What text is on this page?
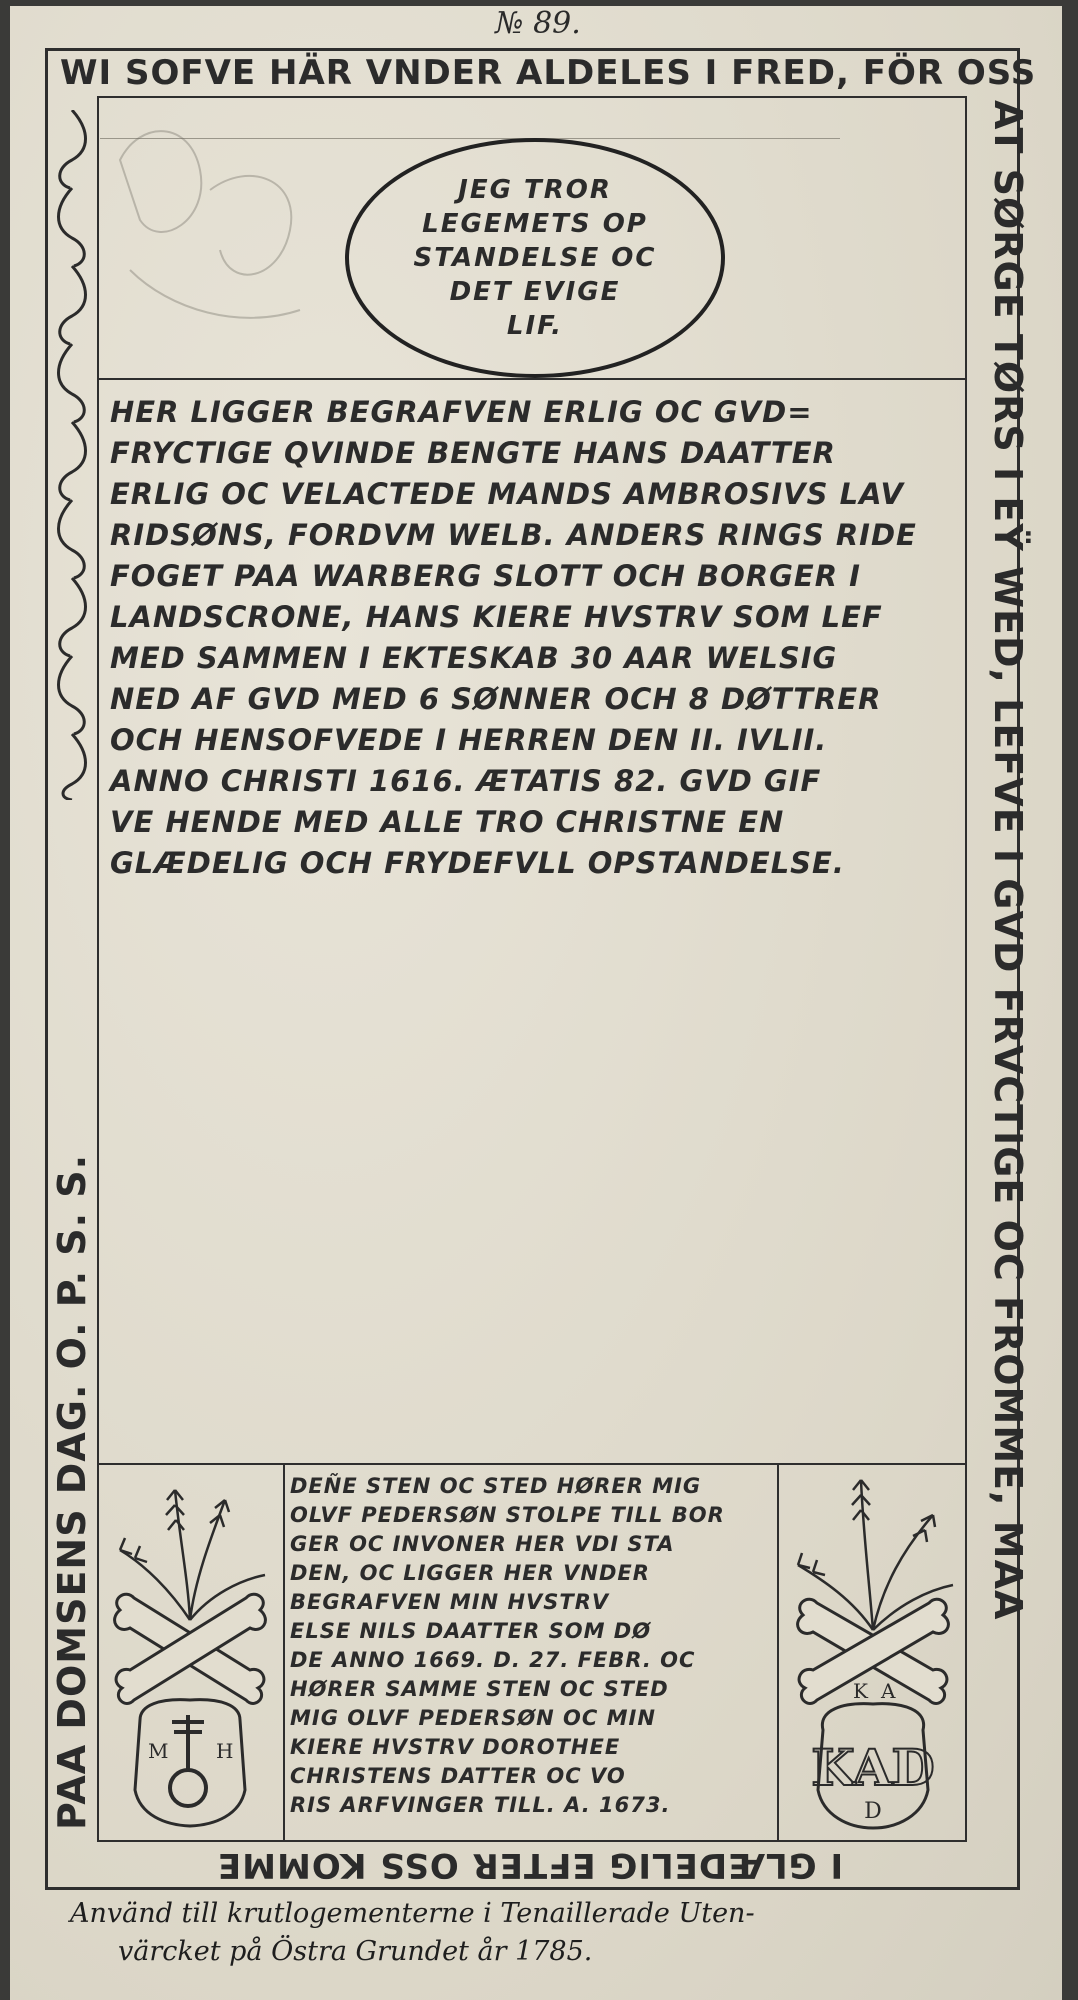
№ 89.
WI SOFVE HÄR VNDER ALDELES I FRED, FÖR OSS
AT SØRGE TØRS I EŸ WED, LEFVE I GVD FRVCTIGE OC FROMME, MAA
PAA DOMSENS DAG. O. P. S. S.
I GLÆDELIG EFTER OSS KOMME
JEG TROR
LEGEMETS OP
STANDELSE OC
DET EVIGE
LIF.
HER LIGGER BEGRAFVEN ERLIG OC GVD=
FRYCTIGE QVINDE BENGTE HANS DAATTER
ERLIG OC VELACTEDE MANDS AMBROSIVS LAV
RIDSØNS, FORDVM WELB. ANDERS RINGS RIDE
FOGET PAA WARBERG SLOTT OCH BORGER I
LANDSCRONE, HANS KIERE HVSTRV SOM LEF
MED SAMMEN I EKTESKAB 30 AAR WELSIG
NED AF GVD MED 6 SØNNER OCH 8 DØTTRER
OCH HENSOFVEDE I HERREN DEN II. IVLII.
ANNO CHRISTI 1616. ÆTATIS 82. GVD GIF
VE HENDE MED ALLE TRO CHRISTNE EN
GLÆDELIG OCH FRYDEFVLL OPSTANDELSE.
DEÑE STEN OC STED HØRER MIG
OLVF PEDERSØN STOLPE TILL BOR
GER OC INVONER HER VDI STA
DEN, OC LIGGER HER VNDER
BEGRAFVEN MIN HVSTRV
ELSE NILS DAATTER SOM DØ
DE ANNO 1669. D. 27. FEBR. OC
HØRER SAMME STEN OC STED
MIG OLVF PEDERSØN OC MIN
KIERE HVSTRV DOROTHEE
CHRISTENS DATTER OC VO
RIS ARFVINGER TILL. A. 1673.
M H
K A
KAD
D
Använd till krutlogementerne i Tenaillerade Uten-
värcket på Östra Grundet år 1785.
